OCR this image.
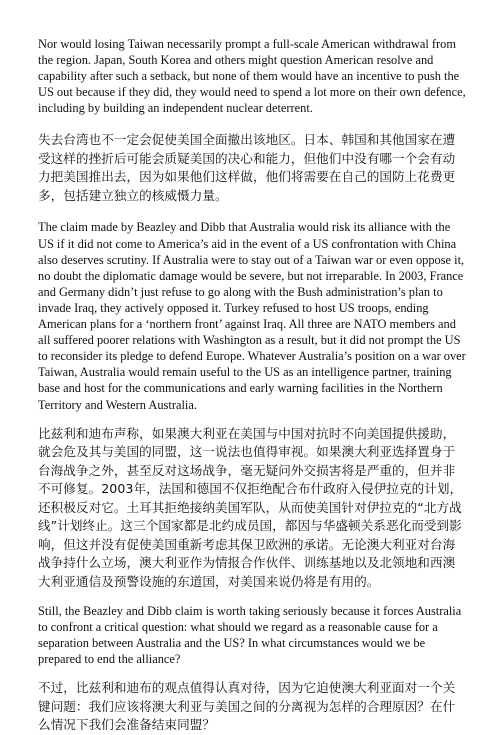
Nor would losing Taiwan necessarily prompt a full-scale American withdrawal from the region. Japan, South Korea and others might question American resolve and capability after such a setback, but none of them would have an incentive to push the US out because if they did, they would need to spend a lot more on their own defence, including by building an independent nuclear deterrent.

失去台湾也不一定会促使美国全面撤出该地区。日本、韩国和其他国家在遭受这样的挫折后可能会质疑美国的决心和能力，但他们中没有哪一个会有动力把美国推出去，因为如果他们这样做，他们将需要在自己的国防上花费更多，包括建立独立的核威慑力量。

The claim made by Beazley and Dibb that Australia would risk its alliance with the US if it did not come to America’s aid in the event of a US confrontation with China also deserves scrutiny. If Australia were to stay out of a Taiwan war or even oppose it, no doubt the diplomatic damage would be severe, but not irreparable. In 2003, France and Germany didn’t just refuse to go along with the Bush administration’s plan to invade Iraq, they actively opposed it. Turkey refused to host US troops, ending American plans for a ‘northern front’ against Iraq. All three are NATO members and all suffered poorer relations with Washington as a result, but it did not prompt the US to reconsider its pledge to defend Europe. Whatever Australia’s position on a war over Taiwan, Australia would remain useful to the US as an intelligence partner, training base and host for the communications and early warning facilities in the Northern Territory and Western Australia.

比兹利和迪布声称，如果澳大利亚在美国与中国对抗时不向美国提供援助，就会危及其与美国的同盟，这一说法也值得审视。如果澳大利亚选择置身于台海战争之外，甚至反对这场战争，毫无疑问外交损害将是严重的，但并非不可修复。2003年，法国和德国不仅拒绝配合布什政府入侵伊拉克的计划，还积极反对它。土耳其拒绝接纳美国军队，从而使美国针对伊拉克的“北方战线”计划终止。这三个国家都是北约成员国，都因与华盛顿关系恶化而受到影响，但这并没有促使美国重新考虑其保卫欧洲的承诺。无论澳大利亚对台海战争持什么立场，澳大利亚作为情报合作伙伴、训练基地以及北领地和西澳大利亚通信及预警设施的东道国，对美国来说仍将是有用的。

Still, the Beazley and Dibb claim is worth taking seriously because it forces Australia to confront a critical question: what should we regard as a reasonable cause for a separation between Australia and the US? In what circumstances would we be prepared to end the alliance?

不过，比兹利和迪布的观点值得认真对待，因为它迫使澳大利亚面对一个关键问题：我们应该将澳大利亚与美国之间的分离视为怎样的合理原因？在什么情况下我们会准备结束同盟？
